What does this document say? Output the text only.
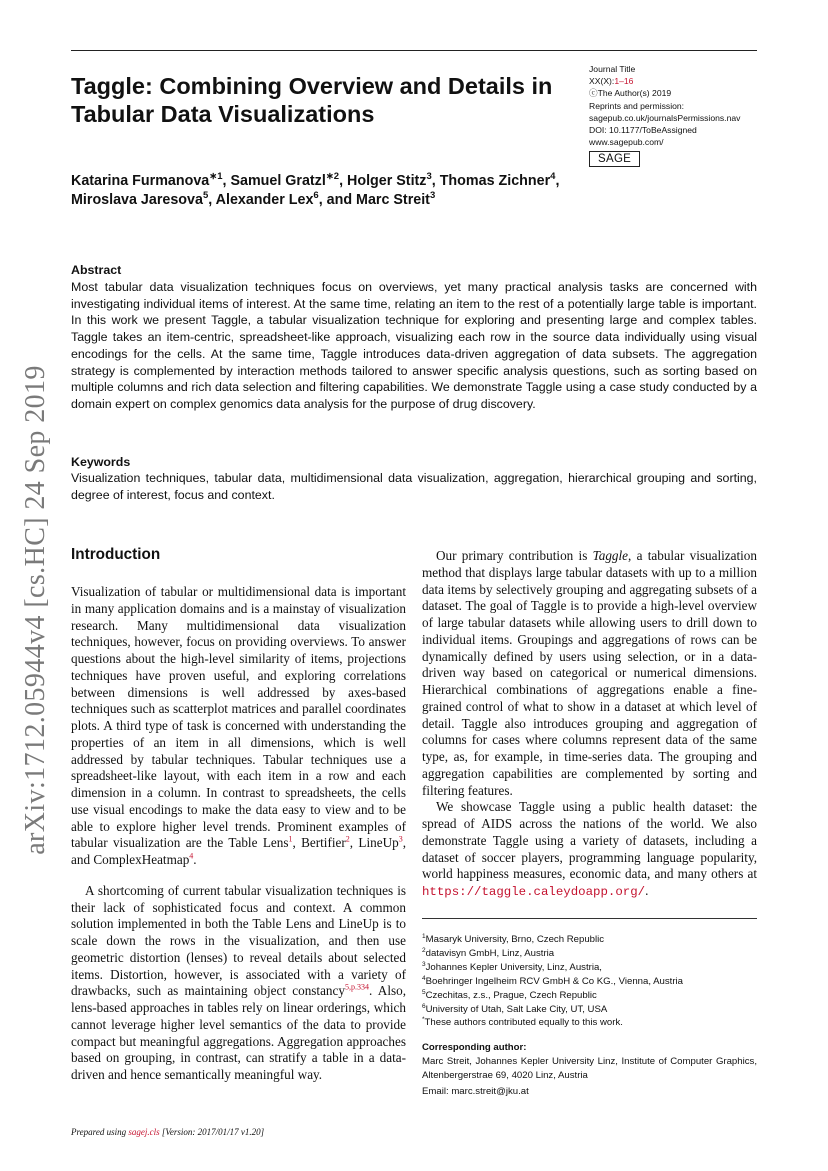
Taggle: Combining Overview and Details in Tabular Data Visualizations
Journal Title
XX(X):1–16
ⓒThe Author(s) 2019
Reprints and permission:
sagepub.co.uk/journalsPermissions.nav
DOI: 10.1177/ToBeAssigned
www.sagepub.com/
SAGE
Katarina Furmanova$^{∗1}$, Samuel Gratzl$^{∗2}$, Holger Stitz$^3$, Thomas Zichner$^4$,
Miroslava Jaresova$^5$, Alexander Lex$^6$, and Marc Streit$^3$
Abstract

Most tabular data visualization techniques focus on overviews, yet many practical analysis tasks are concerned with investigating individual items of interest. At the same time, relating an item to the rest of a potentially large table is important. In this work we present Taggle, a tabular visualization technique for exploring and presenting large and complex tables. Taggle takes an item-centric, spreadsheet-like approach, visualizing each row in the source data individually using visual encodings for the cells. At the same time, Taggle introduces data-driven aggregation of data subsets. The aggregation strategy is complemented by interaction methods tailored to answer specific analysis questions, such as sorting based on multiple columns and rich data selection and filtering capabilities. We demonstrate Taggle using a case study conducted by a domain expert on complex genomics data analysis for the purpose of drug discovery.

Keywords

Visualization techniques, tabular data, multidimensional data visualization, aggregation, hierarchical grouping and sorting, degree of interest, focus and context.

Introduction

Visualization of tabular or multidimensional data is important in many application domains and is a mainstay of visualization research. Many multidimensional data visualization techniques, however, focus on providing overviews. To answer questions about the high-level similarity of items, projections techniques have proven useful, and exploring correlations between dimensions is well addressed by axes-based techniques such as scatterplot matrices and parallel coordinates plots. A third type of task is concerned with understanding the properties of an item in all dimensions, which is well addressed by tabular techniques. Tabular techniques use a spreadsheet-like layout, with each item in a row and each dimension in a column. In contrast to spreadsheets, the cells use visual encodings to make the data easy to view and to be able to explore higher level trends. Prominent examples of tabular visualization are the Table Lens$^1$, Bertifier$^2$, LineUp$^3$, and ComplexHeatmap$^4$.

A shortcoming of current tabular visualization techniques is their lack of sophisticated focus and context. A common solution implemented in both the Table Lens and LineUp is to scale down the rows in the visualization, and then use geometric distortion (lenses) to reveal details about selected items. Distortion, however, is associated with a variety of drawbacks, such as maintaining object constancy$^{5,p.334}$. Also, lens-based approaches in tables rely on linear orderings, which cannot leverage higher level semantics of the data to provide compact but meaningful aggregations. Aggregation approaches based on grouping, in contrast, can stratify a table in a data-driven and hence semantically meaningful way.

Our primary contribution is Taggle, a tabular visualization method that displays large tabular datasets with up to a million data items by selectively grouping and aggregating subsets of a dataset. The goal of Taggle is to provide a high-level overview of large tabular datasets while allowing users to drill down to individual items. Groupings and aggregations of rows can be dynamically defined by users using selection, or in a data-driven way based on categorical or numerical dimensions. Hierarchical combinations of aggregations enable a fine-grained control of what to show in a dataset at which level of detail. Taggle also introduces grouping and aggregation of columns for cases where columns represent data of the same type, as, for example, in time-series data. The grouping and aggregation capabilities are complemented by sorting and filtering features.

We showcase Taggle using a public health dataset: the spread of AIDS across the nations of the world. We also demonstrate Taggle using a variety of datasets, including a dataset of soccer players, programming language popularity, world happiness measures, economic data, and many others at https://taggle.caleydoapp.org/.

$^1$Masaryk University, Brno, Czech Republic
$^2$datavisyn GmbH, Linz, Austria
$^3$Johannes Kepler University, Linz, Austria,
$^4$Boehringer Ingelheim RCV GmbH & Co KG., Vienna, Austria
$^5$Czechitas, z.s., Prague, Czech Republic
$^6$University of Utah, Salt Lake City, UT, USA
*These authors contributed equally to this work.
Corresponding author:
Marc Streit, Johannes Kepler University Linz, Institute of Computer Graphics, Altenbergerstrae 69, 4020 Linz, Austria
Email: marc.streit@jku.at
Prepared using sagej.cls [Version: 2017/01/17 v1.20]
arXiv:1712.05944v4 [cs.HC] 24 Sep 2019
